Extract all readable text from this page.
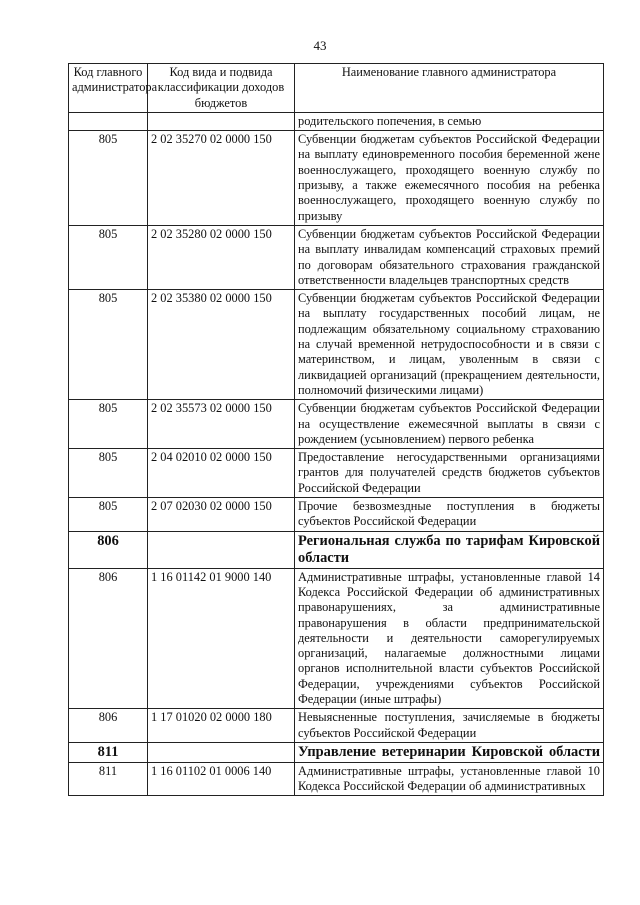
43
Код главного администратора	Код вида и подвида классификации доходов бюджетов	Наименование главного администратора
		родительского попечения, в семью
805	2 02 35270 02 0000 150	Субвенции бюджетам субъектов Российской Федерации на выплату единовременного пособия беременной жене военнослужащего, проходящего военную службу по призыву, а также ежемесячного пособия на ребенка военнослужащего, проходящего военную службу по призыву
805	2 02 35280 02 0000 150	Субвенции бюджетам субъектов Российской Федерации на выплату инвалидам компенсаций страховых премий по договорам обязательного страхования гражданской ответственности владельцев транспортных средств
805	2 02 35380 02 0000 150	Субвенции бюджетам субъектов Российской Федерации на выплату государственных пособий лицам, не подлежащим обязательному социальному страхованию на случай временной нетрудоспособности и в связи с материнством, и лицам, уволенным в связи с ликвидацией организаций (прекращением деятельности, полномочий физическими лицами)
805	2 02 35573 02 0000 150	Субвенции бюджетам субъектов Российской Федерации на осуществление ежемесячной выплаты в связи с рождением (усыновлением) первого ребенка
805	2 04 02010 02 0000 150	Предоставление негосударственными организациями грантов для получателей средств бюджетов субъектов Российской Федерации
805	2 07 02030 02 0000 150	Прочие безвозмездные поступления в бюджеты субъектов Российской Федерации
806		Региональная служба по тарифам Кировской области
806	1 16 01142 01 9000 140	Административные штрафы, установленные главой 14 Кодекса Российской Федерации об административных правонарушениях, за административные правонарушения в области предпринимательской деятельности и деятельности саморегулируемых организаций, налагаемые должностными лицами органов исполнительной власти субъектов Российской Федерации, учреждениями субъектов Российской Федерации (иные штрафы)
806	1 17 01020 02 0000 180	Невыясненные поступления, зачисляемые в бюджеты субъектов Российской Федерации
811		Управление ветеринарии Кировской области
811	1 16 01102 01 0006 140	Административные штрафы, установленные главой 10 Кодекса Российской Федерации об административных
